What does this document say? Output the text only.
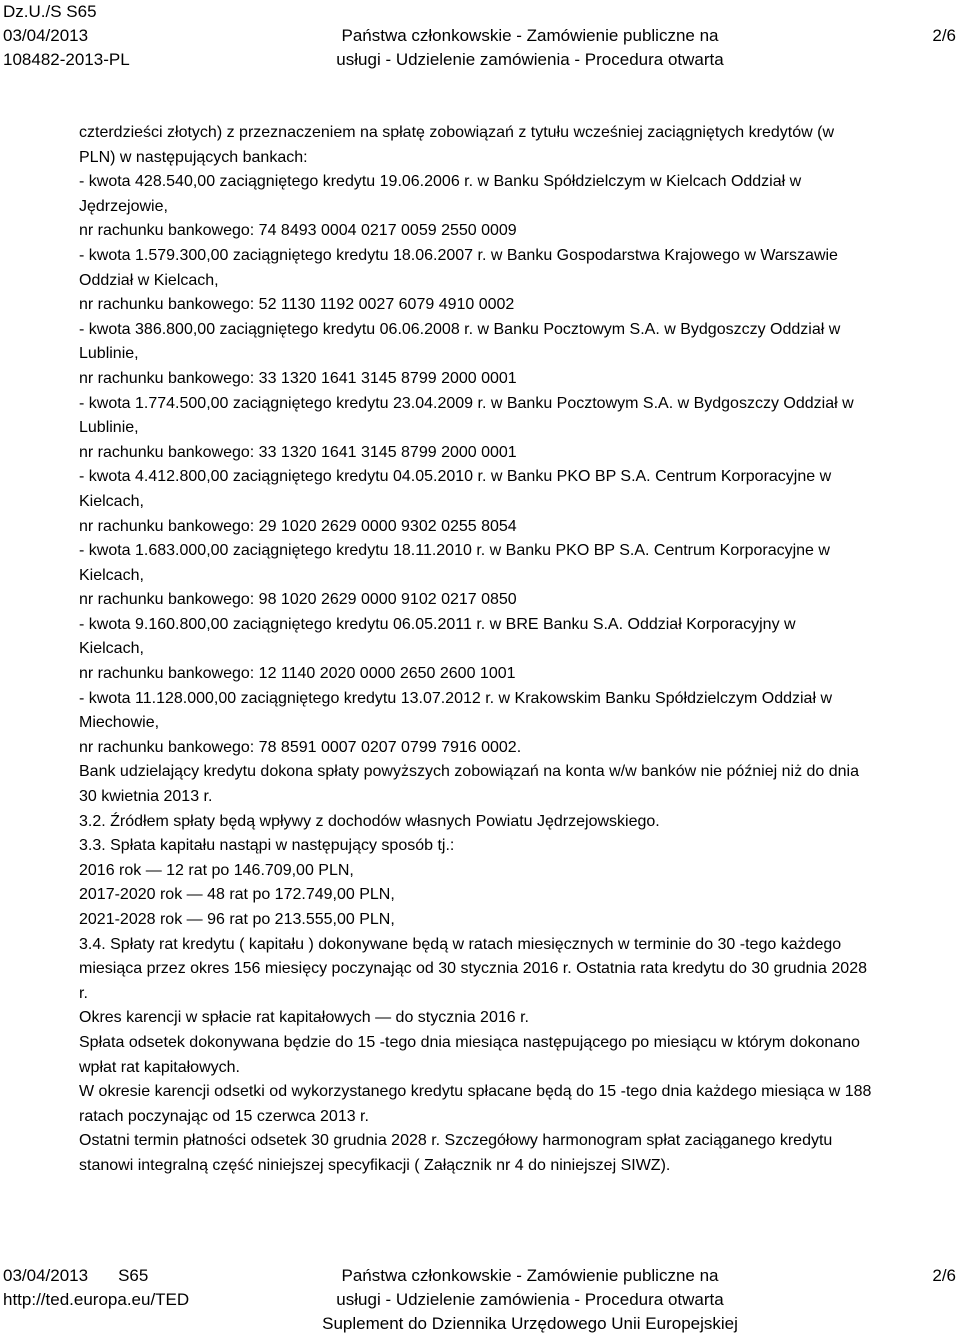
Dz.U./S S65
03/04/2013
108482-2013-PL
Państwa członkowskie - Zamówienie publiczne na
usługi - Udzielenie zamówienia - Procedura otwarta
2/6
czterdzieści złotych) z przeznaczeniem na spłatę zobowiązań z tytułu wcześniej zaciągniętych kredytów (w
PLN) w następujących bankach:
- kwota 428.540,00 zaciągniętego kredytu 19.06.2006 r. w Banku Spółdzielczym w Kielcach Oddział w
Jędrzejowie,
nr rachunku bankowego: 74 8493 0004 0217 0059 2550 0009
- kwota 1.579.300,00 zaciągniętego kredytu 18.06.2007 r. w Banku Gospodarstwa Krajowego w Warszawie
Oddział w Kielcach,
nr rachunku bankowego: 52 1130 1192 0027 6079 4910 0002
- kwota 386.800,00 zaciągniętego kredytu 06.06.2008 r. w Banku Pocztowym S.A. w Bydgoszczy Oddział w
Lublinie,
nr rachunku bankowego: 33 1320 1641 3145 8799 2000 0001
- kwota 1.774.500,00 zaciągniętego kredytu 23.04.2009 r. w Banku Pocztowym S.A. w Bydgoszczy Oddział w
Lublinie,
nr rachunku bankowego: 33 1320 1641 3145 8799 2000 0001
- kwota 4.412.800,00 zaciągniętego kredytu 04.05.2010 r. w Banku PKO BP S.A. Centrum Korporacyjne w
Kielcach,
nr rachunku bankowego: 29 1020 2629 0000 9302 0255 8054
- kwota 1.683.000,00 zaciągniętego kredytu 18.11.2010 r. w Banku PKO BP S.A. Centrum Korporacyjne w
Kielcach,
nr rachunku bankowego: 98 1020 2629 0000 9102 0217 0850
- kwota 9.160.800,00 zaciągniętego kredytu 06.05.2011 r. w BRE Banku S.A. Oddział Korporacyjny w
Kielcach,
nr rachunku bankowego: 12 1140 2020 0000 2650 2600 1001
- kwota 11.128.000,00 zaciągniętego kredytu 13.07.2012 r. w Krakowskim Banku Spółdzielczym Oddział w
Miechowie,
nr rachunku bankowego: 78 8591 0007 0207 0799 7916 0002.
Bank udzielający kredytu dokona spłaty powyższych zobowiązań na konta w/w banków nie później niż do dnia
30 kwietnia 2013 r.
3.2. Źródłem spłaty będą wpływy z dochodów własnych Powiatu Jędrzejowskiego.
3.3. Spłata kapitału nastąpi w następujący sposób tj.:
2016 rok — 12 rat po 146.709,00 PLN,
2017-2020 rok — 48 rat po 172.749,00 PLN,
2021-2028 rok — 96 rat po 213.555,00 PLN,
3.4. Spłaty rat kredytu ( kapitału ) dokonywane będą w ratach miesięcznych w terminie do 30 -tego każdego
miesiąca przez okres 156 miesięcy poczynając od 30 stycznia 2016 r. Ostatnia rata kredytu do 30 grudnia 2028
r.
Okres karencji w spłacie rat kapitałowych — do stycznia 2016 r.
Spłata odsetek dokonywana będzie do 15 -tego dnia miesiąca następującego po miesiącu w którym dokonano
wpłat rat kapitałowych.
W okresie karencji odsetki od wykorzystanego kredytu spłacane będą do 15 -tego dnia każdego miesiąca w 188
ratach poczynając od 15 czerwca 2013 r.
Ostatni termin płatności odsetek 30 grudnia 2028 r. Szczegółowy harmonogram spłat zaciąganego kredytu
stanowi integralną część niniejszej specyfikacji ( Załącznik nr 4 do niniejszej SIWZ).
03/04/2013 S65
http://ted.europa.eu/TED
Państwa członkowskie - Zamówienie publiczne na
usługi - Udzielenie zamówienia - Procedura otwarta
Suplement do Dziennika Urzędowego Unii Europejskiej
2/6
